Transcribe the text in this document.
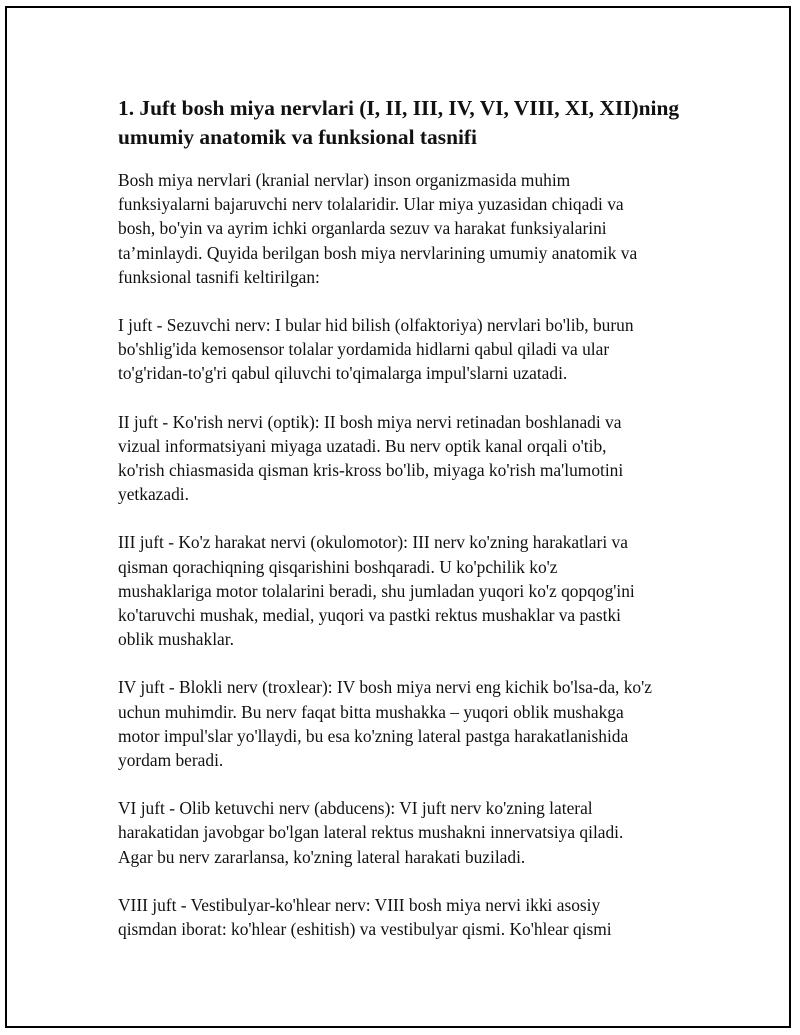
1. Juft bosh miya nervlari (I, II, III, IV, VI, VIII, XI, XII)ning
umumiy anatomik va funksional tasnifi

Bosh miya nervlari (kranial nervlar) inson organizmasida muhim
funksiyalarni bajaruvchi nerv tolalaridir. Ular miya yuzasidan chiqadi va
bosh, bo'yin va ayrim ichki organlarda sezuv va harakat funksiyalarini
ta’minlaydi. Quyida berilgan bosh miya nervlarining umumiy anatomik va
funksional tasnifi keltirilgan:

I juft - Sezuvchi nerv: I bular hid bilish (olfaktoriya) nervlari bo'lib, burun
bo'shlig'ida kemosensor tolalar yordamida hidlarni qabul qiladi va ular
to'g'ridan-to'g'ri qabul qiluvchi to'qimalarga impul'slarni uzatadi.

II juft - Ko'rish nervi (optik): II bosh miya nervi retinadan boshlanadi va
vizual informatsiyani miyaga uzatadi. Bu nerv optik kanal orqali o'tib,
ko'rish chiasmasida qisman kris-kross bo'lib, miyaga ko'rish ma'lumotini
yetkazadi.

III juft - Ko'z harakat nervi (okulomotor): III nerv ko'zning harakatlari va
qisman qorachiqning qisqarishini boshqaradi. U ko'pchilik ko'z
mushaklariga motor tolalarini beradi, shu jumladan yuqori ko'z qopqog'ini
ko'taruvchi mushak, medial, yuqori va pastki rektus mushaklar va pastki
oblik mushaklar.

IV juft - Blokli nerv (troxlear): IV bosh miya nervi eng kichik bo'lsa-da, ko'z
uchun muhimdir. Bu nerv faqat bitta mushakka – yuqori oblik mushakga
motor impul'slar yo'llaydi, bu esa ko'zning lateral pastga harakatlanishida
yordam beradi.

VI juft - Olib ketuvchi nerv (abducens): VI juft nerv ko'zning lateral
harakatidan javobgar bo'lgan lateral rektus mushakni innervatsiya qiladi.
Agar bu nerv zararlansa, ko'zning lateral harakati buziladi.

VIII juft - Vestibulyar-ko'hlear nerv: VIII bosh miya nervi ikki asosiy
qismdan iborat: ko'hlear (eshitish) va vestibulyar qismi. Ko'hlear qismi
